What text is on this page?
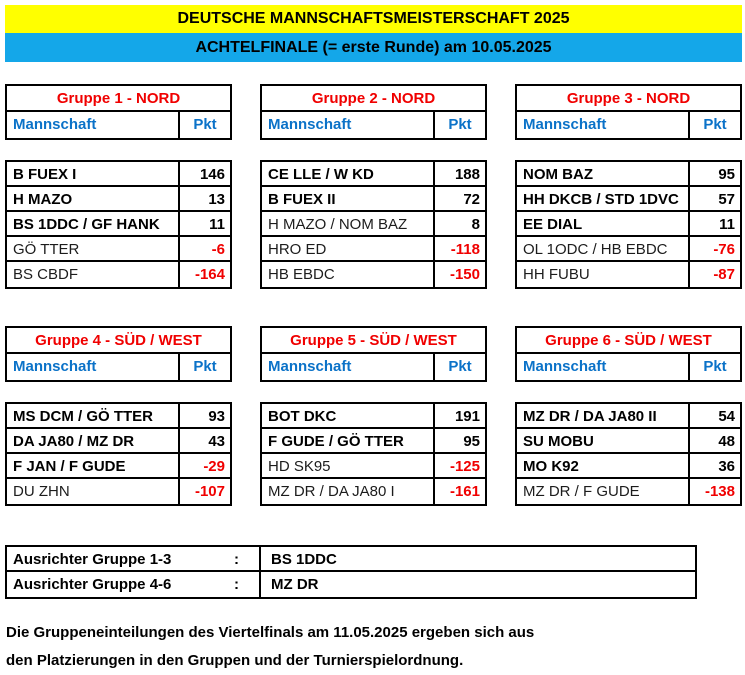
DEUTSCHE MANNSCHAFTSMEISTERSCHAFT 2025
ACHTELFINALE (= erste Runde) am 10.05.2025
Gruppe 1 - NORD
Mannschaft	Pkt
B FUEX I	146
H MAZO	13
BS 1DDC / GF HANK	11
GÖ TTER	-6
BS CBDF	-164
Gruppe 2 - NORD
Mannschaft	Pkt
CE LLE / W KD	188
B FUEX II	72
H MAZO / NOM BAZ	8
HRO ED	-118
HB EBDC	-150
Gruppe 3 - NORD
Mannschaft	Pkt
NOM BAZ	95
HH DKCB / STD 1DVC	57
EE DIAL	11
OL 1ODC / HB EBDC	-76
HH FUBU	-87
Gruppe 4 - SÜD / WEST
Mannschaft	Pkt
MS DCM / GÖ TTER	93
DA JA80 / MZ DR	43
F JAN / F GUDE	-29
DU ZHN	-107
Gruppe 5 - SÜD / WEST
Mannschaft	Pkt
BOT DKC	191
F GUDE / GÖ TTER	95
HD SK95	-125
MZ DR / DA JA80 I	-161
Gruppe 6 - SÜD / WEST
Mannschaft	Pkt
MZ DR / DA JA80 II	54
SU MOBU	48
MO K92	36
MZ DR / F GUDE	-138
Ausrichter Gruppe 1-3	:	BS 1DDC
Ausrichter Gruppe 4-6	:	MZ DR
Die Gruppeneinteilungen des Viertelfinals am 11.05.2025 ergeben sich aus
den Platzierungen in den Gruppen und der Turnierspielordnung.
